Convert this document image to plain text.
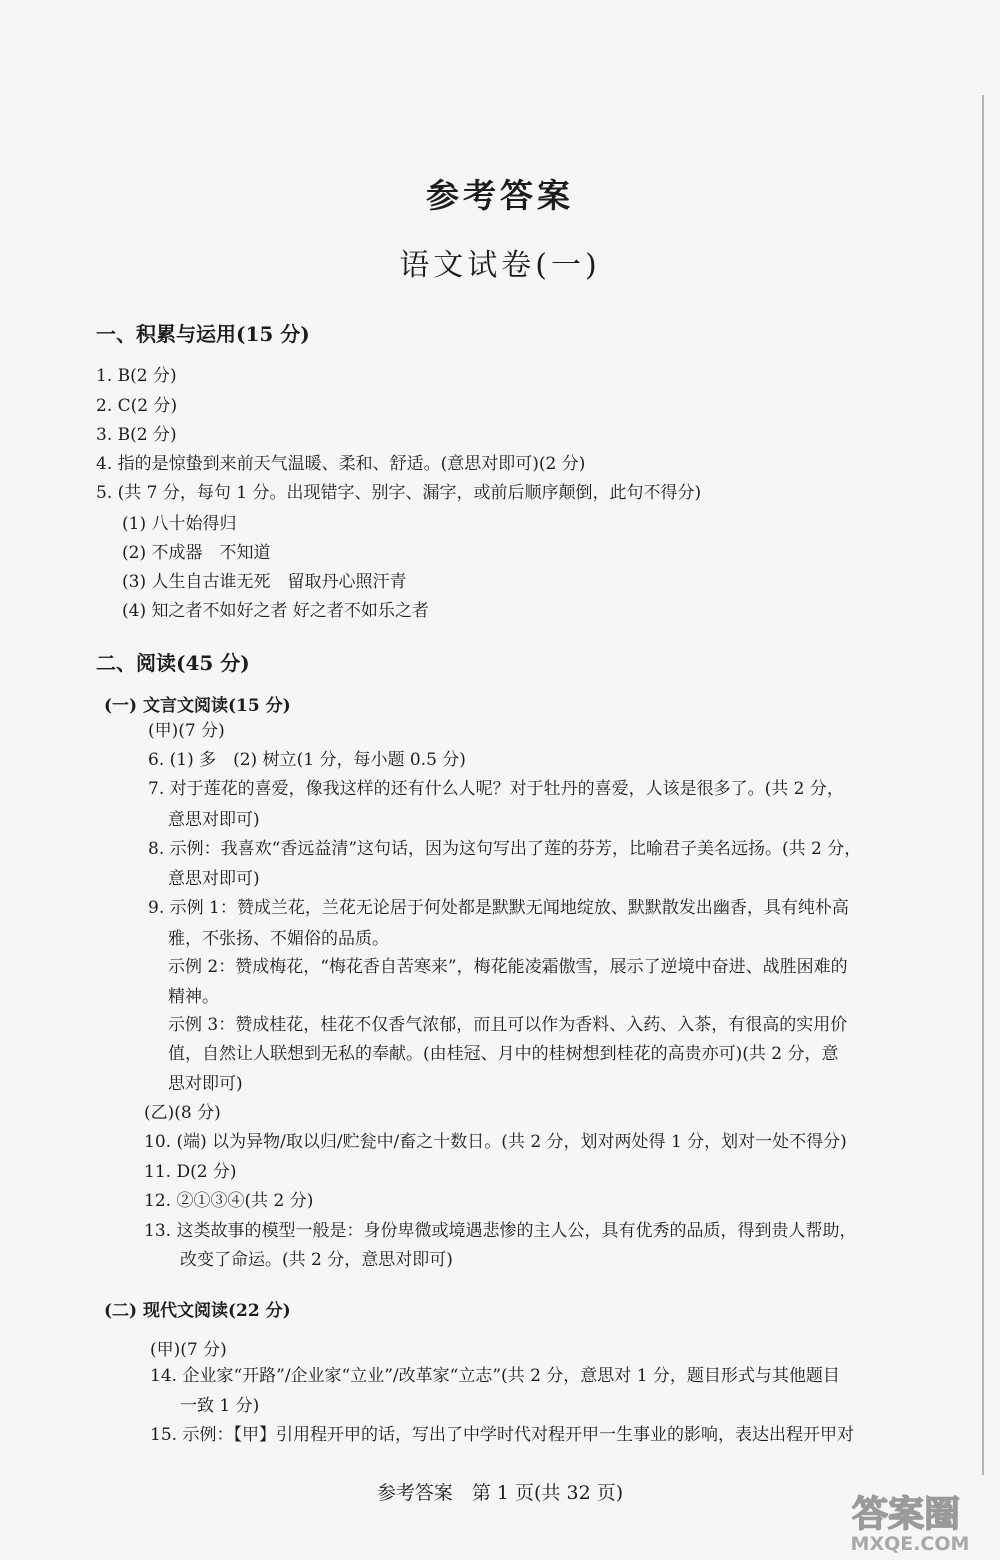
参考答案
语文试卷(一)
一、积累与运用(15 分)
1. B(2 分)
2. C(2 分)
3. B(2 分)
4. 指的是惊蛰到来前天气温暖、柔和、舒适。(意思对即可)(2 分)
5. (共 7 分，每句 1 分。出现错字、别字、漏字，或前后顺序颠倒，此句不得分)
(1) 八十始得归
(2) 不成器　不知道
(3) 人生自古谁无死　留取丹心照汗青
(4) 知之者不如好之者 好之者不如乐之者
二、阅读(45 分)
(一) 文言文阅读(15 分)
(甲)(7 分)
6. (1) 多　(2) 树立(1 分，每小题 0.5 分)
7. 对于莲花的喜爱，像我这样的还有什么人呢？对于牡丹的喜爱，人该是很多了。(共 2 分，
意思对即可)
8. 示例：我喜欢“香远益清”这句话，因为这句写出了莲的芬芳，比喻君子美名远扬。(共 2 分，
意思对即可)
9. 示例 1：赞成兰花，兰花无论居于何处都是默默无闻地绽放、默默散发出幽香，具有纯朴高
雅，不张扬、不媚俗的品质。
示例 2：赞成梅花，“梅花香自苦寒来”，梅花能凌霜傲雪，展示了逆境中奋进、战胜困难的
精神。
示例 3：赞成桂花，桂花不仅香气浓郁，而且可以作为香料、入药、入茶，有很高的实用价
值，自然让人联想到无私的奉献。(由桂冠、月中的桂树想到桂花的高贵亦可)(共 2 分，意
思对即可)
(乙)(8 分)
10. (端) 以为异物/取以归/贮瓮中/畜之十数日。(共 2 分，划对两处得 1 分，划对一处不得分)
11. D(2 分)
12. ②①③④(共 2 分)
13. 这类故事的模型一般是：身份卑微或境遇悲惨的主人公，具有优秀的品质，得到贵人帮助，
改变了命运。(共 2 分，意思对即可)
(二) 现代文阅读(22 分)
(甲)(7 分)
14. 企业家“开路”/企业家“立业”/改革家“立志”(共 2 分，意思对 1 分，题目形式与其他题目
一致 1 分)
15. 示例：【甲】引用程开甲的话，写出了中学时代对程开甲一生事业的影响，表达出程开甲对
参考答案　第 1 页(共 32 页)
答案圈
MXQE.COM
